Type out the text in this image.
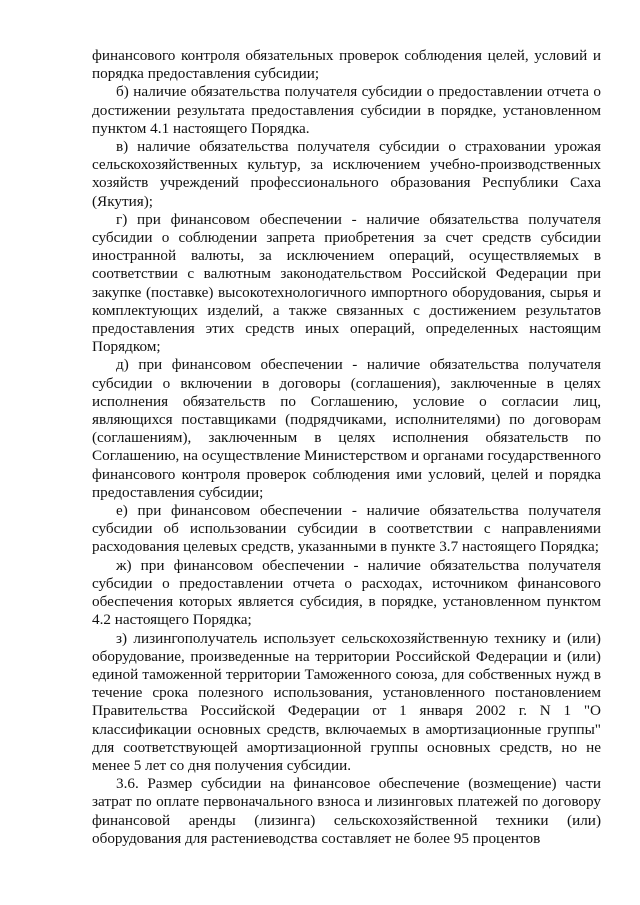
финансового контроля обязательных проверок соблюдения целей, условий и порядка предоставления субсидии;

б) наличие обязательства получателя субсидии о предоставлении отчета о достижении результата предоставления субсидии в порядке, установленном пунктом 4.1 настоящего Порядка.

в) наличие обязательства получателя субсидии о страховании урожая сельскохозяйственных культур, за исключением учебно-производственных хозяйств учреждений профессионального образования Республики Саха (Якутия);

г) при финансовом обеспечении - наличие обязательства получателя субсидии о соблюдении запрета приобретения за счет средств субсидии иностранной валюты, за исключением операций, осуществляемых в соответствии с валютным законодательством Российской Федерации при закупке (поставке) высокотехнологичного импортного оборудования, сырья и комплектующих изделий, а также связанных с достижением результатов предоставления этих средств иных операций, определенных настоящим Порядком;

д) при финансовом обеспечении - наличие обязательства получателя субсидии о включении в договоры (соглашения), заключенные в целях исполнения обязательств по Соглашению, условие о согласии лиц, являющихся поставщиками (подрядчиками, исполнителями) по договорам (соглашениям), заключенным в целях исполнения обязательств по Соглашению, на осуществление Министерством и органами государственного финансового контроля проверок соблюдения ими условий, целей и порядка предоставления субсидии;

е) при финансовом обеспечении - наличие обязательства получателя субсидии об использовании субсидии в соответствии с направлениями расходования целевых средств, указанными в пункте 3.7 настоящего Порядка;

ж) при финансовом обеспечении - наличие обязательства получателя субсидии о предоставлении отчета о расходах, источником финансового обеспечения которых является субсидия, в порядке, установленном пунктом 4.2 настоящего Порядка;

з) лизингополучатель использует сельскохозяйственную технику и (или) оборудование, произведенные на территории Российской Федерации и (или) единой таможенной территории Таможенного союза, для собственных нужд в течение срока полезного использования, установленного постановлением Правительства Российской Федерации от 1 января 2002 г. N 1 "О классификации основных средств, включаемых в амортизационные группы" для соответствующей амортизационной группы основных средств, но не менее 5 лет со дня получения субсидии.

3.6. Размер субсидии на финансовое обеспечение (возмещение) части затрат по оплате первоначального взноса и лизинговых платежей по договору финансовой аренды (лизинга) сельскохозяйственной техники (или) оборудования для растениеводства составляет не более 95 процентов
